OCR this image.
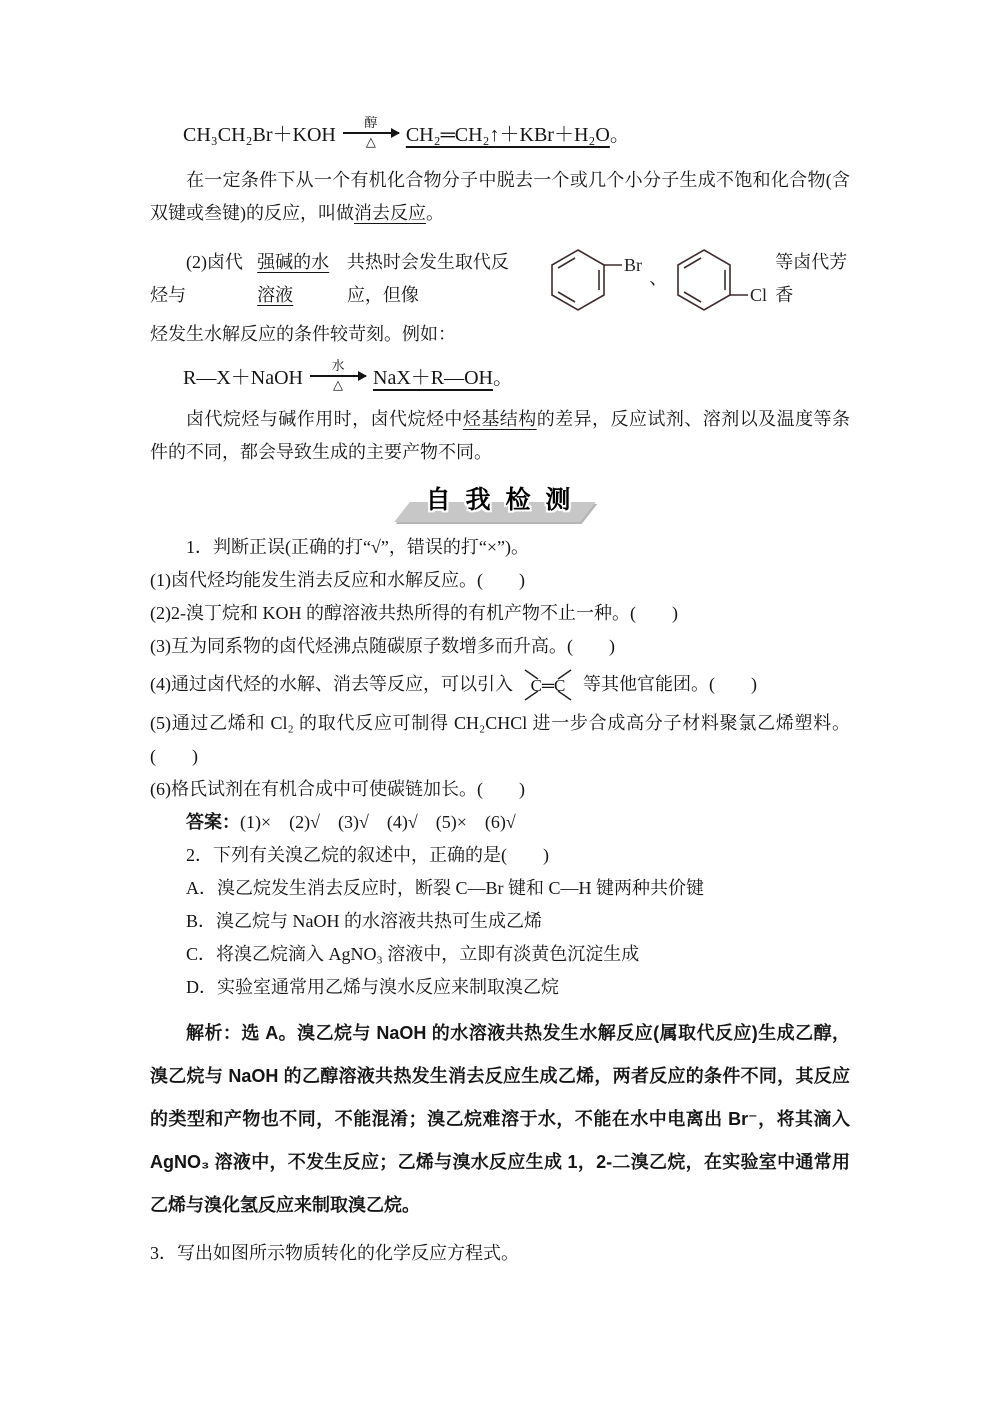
CH₃CH₂Br＋KOH
醇
△ CH₂═CH₂↑＋KBr＋H₂O 。

在一定条件下从一个有机化合物分子中脱去一个或几个小分子生成不饱和化合物(含双键或叁键)的反应，叫做消去反应。

(2)卤代烃与
强碱的水溶液
共热时会发生取代反应，但像
Br
、
Cl
等卤代芳香

烃发生水解反应的条件较苛刻。例如：

R—X＋NaOH
水
△ NaX＋R—OH 。

卤代烷烃与碱作用时，卤代烷烃中烃基结构的差异，反应试剂、溶剂以及温度等条件的不同，都会导致生成的主要产物不同。

自 我 检 测

1．判断正误(正确的打“√”，错误的打“×”)。

(1)卤代烃均能发生消去反应和水解反应。(　　)

(2)2-溴丁烷和 KOH 的醇溶液共热所得的有机产物不止一种。(　　)

(3)互为同系物的卤代烃沸点随碳原子数增多而升高。(　　)

(4)通过卤代烃的水解、消去等反应，可以引入 C═C 等其他官能团。(　　)

(5)通过乙烯和 Cl₂ 的取代反应可制得 CH₂CHCl 进一步合成高分子材料聚氯乙烯塑料。(　　)

(6)格氏试剂在有机合成中可使碳链加长。(　　)

答案：(1)×　(2)√　(3)√　(4)√　(5)×　(6)√

2．下列有关溴乙烷的叙述中，正确的是(　　)

A．溴乙烷发生消去反应时，断裂 C—Br 键和 C—H 键两种共价键

B．溴乙烷与 NaOH 的水溶液共热可生成乙烯

C．将溴乙烷滴入 AgNO₃ 溶液中，立即有淡黄色沉淀生成

D．实验室通常用乙烯与溴水反应来制取溴乙烷

解析：选 A。溴乙烷与 NaOH 的水溶液共热发生水解反应(属取代反应)生成乙醇，溴乙烷与 NaOH 的乙醇溶液共热发生消去反应生成乙烯，两者反应的条件不同，其反应的类型和产物也不同，不能混淆；溴乙烷难溶于水，不能在水中电离出 Br⁻，将其滴入 AgNO₃ 溶液中，不发生反应；乙烯与溴水反应生成 1，2-二溴乙烷，在实验室中通常用乙烯与溴化氢反应来制取溴乙烷。

3．写出如图所示物质转化的化学反应方程式。
